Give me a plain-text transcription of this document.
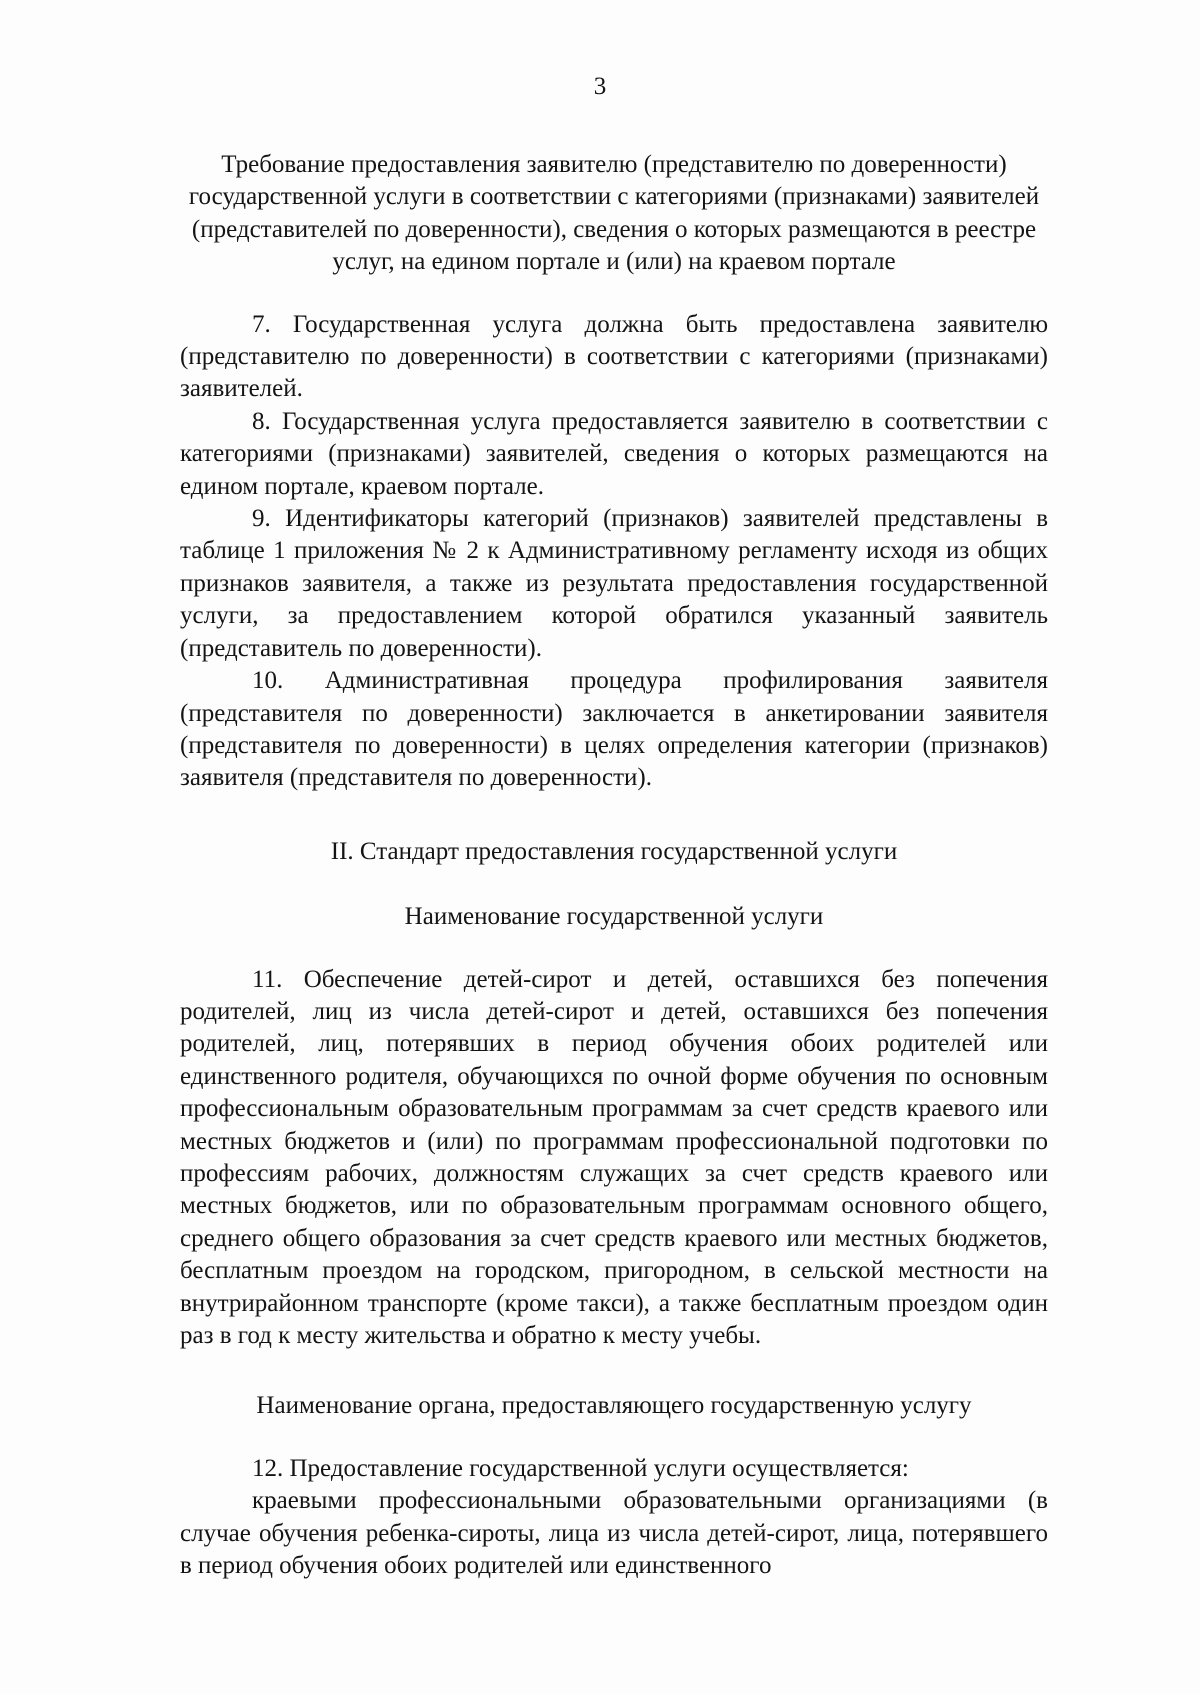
3

Требование предоставления заявителю (представителю по доверенности) государственной услуги в соответствии с категориями (признаками) заявителей (представителей по доверенности), сведения о которых размещаются в реестре услуг, на едином портале и (или) на краевом портале

7. Государственная услуга должна быть предоставлена заявителю (представителю по доверенности) в соответствии с категориями (признаками) заявителей.

8. Государственная услуга предоставляется заявителю в соответствии с категориями (признаками) заявителей, сведения о которых размещаются на едином портале, краевом портале.

9. Идентификаторы категорий (признаков) заявителей представлены в таблице 1 приложения № 2 к Административному регламенту исходя из общих признаков заявителя, а также из результата предоставления государственной услуги, за предоставлением которой обратился указанный заявитель (представитель по доверенности).

10. Административная процедура профилирования заявителя (представителя по доверенности) заключается в анкетировании заявителя (представителя по доверенности) в целях определения категории (признаков) заявителя (представителя по доверенности).

II. Стандарт предоставления государственной услуги

Наименование государственной услуги

11. Обеспечение детей-сирот и детей, оставшихся без попечения родителей, лиц из числа детей-сирот и детей, оставшихся без попечения родителей, лиц, потерявших в период обучения обоих родителей или единственного родителя, обучающихся по очной форме обучения по основным профессиональным образовательным программам за счет средств краевого или местных бюджетов и (или) по программам профессиональной подготовки по профессиям рабочих, должностям служащих за счет средств краевого или местных бюджетов, или по образовательным программам основного общего, среднего общего образования за счет средств краевого или местных бюджетов, бесплатным проездом на городском, пригородном, в сельской местности на внутрирайонном транспорте (кроме такси), а также бесплатным проездом один раз в год к месту жительства и обратно к месту учебы.

Наименование органа, предоставляющего государственную услугу

12. Предоставление государственной услуги осуществляется:

краевыми профессиональными образовательными организациями (в случае обучения ребенка-сироты, лица из числа детей-сирот, лица, потерявшего в период обучения обоих родителей или единственного
